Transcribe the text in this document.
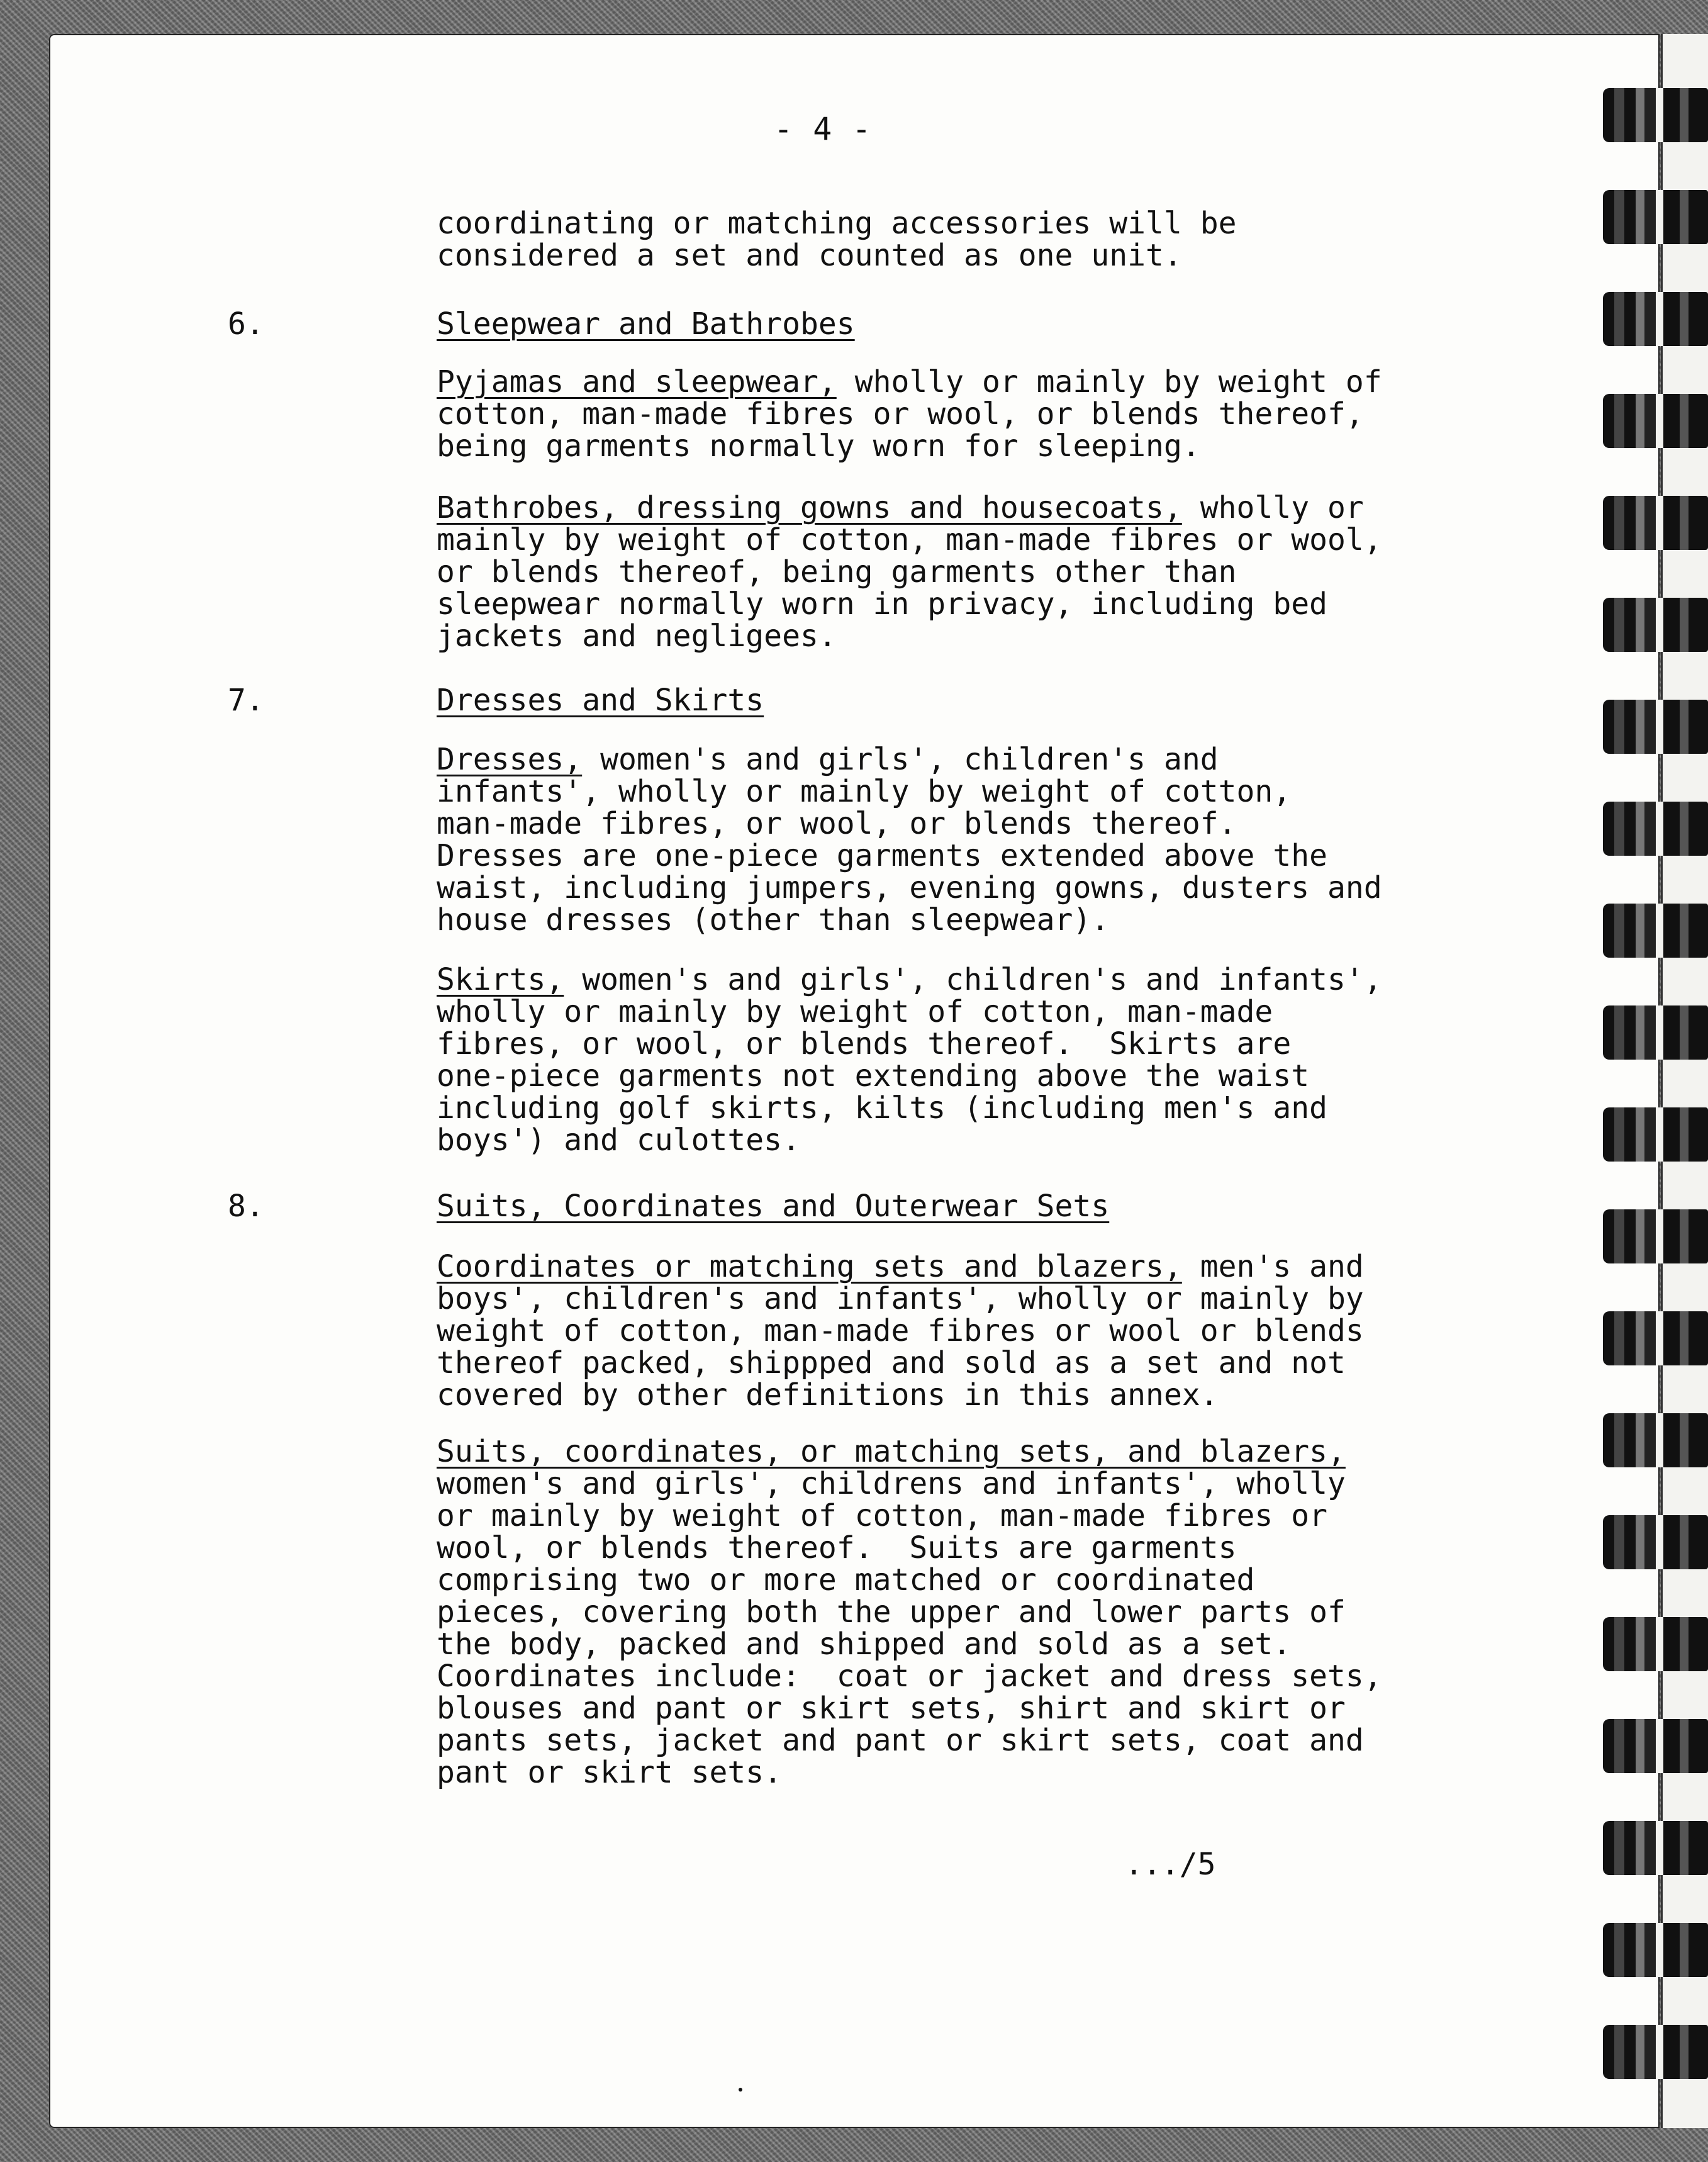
- 4 -
coordinating or matching accessories will be
considered a set and counted as one unit.
6.	Sleepwear and Bathrobes
Pyjamas and sleepwear, wholly or mainly by weight of
cotton, man-made fibres or wool, or blends thereof,
being garments normally worn for sleeping.
Bathrobes, dressing gowns and housecoats, wholly or
mainly by weight of cotton, man-made fibres or wool,
or blends thereof, being garments other than
sleepwear normally worn in privacy, including bed
jackets and negligees.
7.	Dresses and Skirts
Dresses, women's and girls', children's and
infants', wholly or mainly by weight of cotton,
man-made fibres, or wool, or blends thereof.
Dresses are one-piece garments extended above the
waist, including jumpers, evening gowns, dusters and
house dresses (other than sleepwear).
Skirts, women's and girls', children's and infants',
wholly or mainly by weight of cotton, man-made
fibres, or wool, or blends thereof.  Skirts are
one-piece garments not extending above the waist
including golf skirts, kilts (including men's and
boys') and culottes.
8.	Suits, Coordinates and Outerwear Sets
Coordinates or matching sets and blazers, men's and
boys', children's and infants', wholly or mainly by
weight of cotton, man-made fibres or wool or blends
thereof packed, shippped and sold as a set and not
covered by other definitions in this annex.
Suits, coordinates, or matching sets, and blazers,
women's and girls', childrens and infants', wholly
or mainly by weight of cotton, man-made fibres or
wool, or blends thereof.  Suits are garments
comprising two or more matched or coordinated
pieces, covering both the upper and lower parts of
the body, packed and shipped and sold as a set.
Coordinates include:  coat or jacket and dress sets,
blouses and pant or skirt sets, shirt and skirt or
pants sets, jacket and pant or skirt sets, coat and
pant or skirt sets.
.../5
